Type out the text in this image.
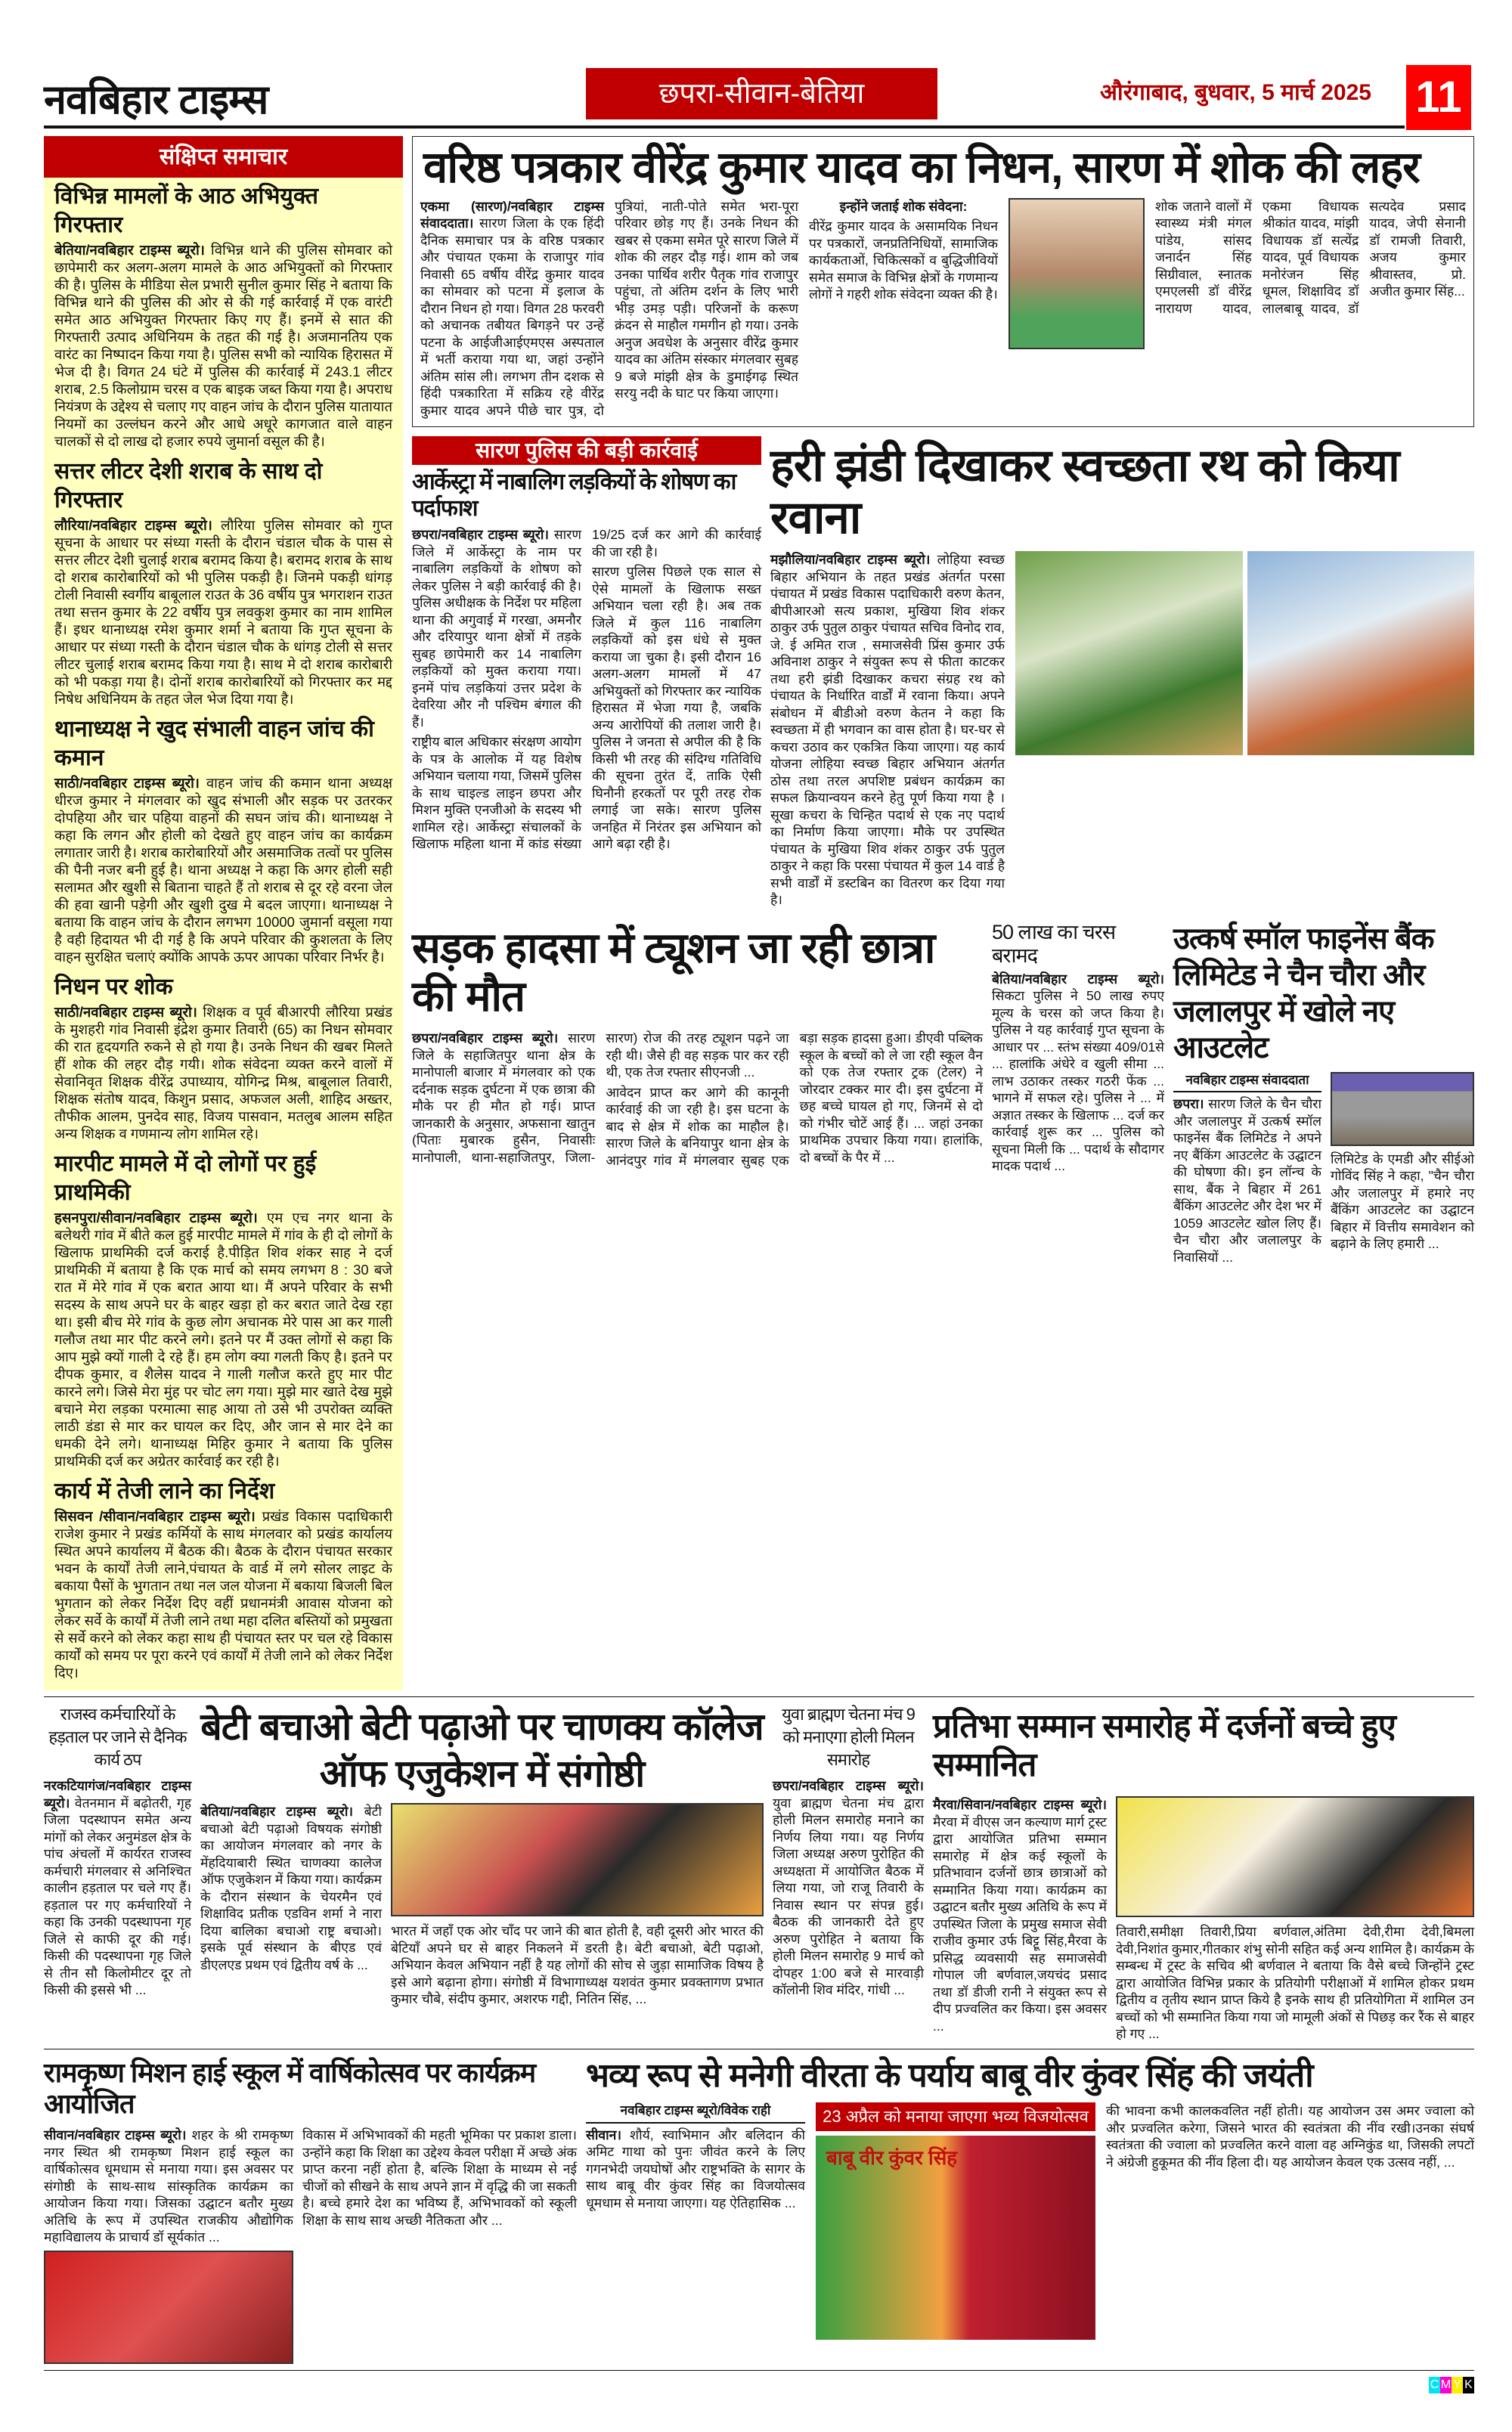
नवबिहार टाइम्स	छपरा-सीवान-बेतिया	औरंगाबाद, बुधवार, 5 मार्च 2025 11
संक्षिप्त समाचार
विभिन्न मामलों के आठ अभियुक्त गिरफ्तार

बेतिया/नवबिहार टाइम्स ब्यूरो। विभिन्न थाने की पुलिस सोमवार को छापेमारी कर अलग-अलग मामले के आठ अभियुक्तों को गिरफ्तार की है। पुलिस के मीडिया सेल प्रभारी सुनील कुमार सिंह ने बताया कि विभिन्न थाने की पुलिस की ओर से की गई कार्रवाई में एक वारंटी समेत आठ अभियुक्त गिरफ्तार किए गए हैं। इनमें से सात की गिरफ्तारी उत्पाद अधिनियम के तहत की गई है। अजमानतिय एक वारंट का निष्पादन किया गया है। पुलिस सभी को न्यायिक हिरासत में भेज दी है। विगत 24 घंटे में पुलिस की कार्रवाई में 243.1 लीटर शराब, 2.5 किलोग्राम चरस व एक बाइक जब्त किया गया है। अपराध नियंत्रण के उद्देश्य से चलाए गए वाहन जांच के दौरान पुलिस यातायात नियमों का उल्लंघन करने और आधे अधूरे कागजात वाले वाहन चालकों से दो लाख दो हजार रुपये जुमार्ना वसूल की है।

सत्तर लीटर देशी शराब के साथ दो गिरफ्तार

लौरिया/नवबिहार टाइम्स ब्यूरो। लौरिया पुलिस सोमवार को गुप्त सूचना के आधार पर संध्या गस्ती के दौरान चंडाल चौक के पास से सत्तर लीटर देशी चुलाई शराब बरामद किया है। बरामद शराब के साथ दो शराब कारोबारियों को भी पुलिस पकड़ी है। जिनमे पकड़ी धांगड़ टोली निवासी स्वर्गीय बाबूलाल राउत के 36 वर्षीय पुत्र भगराशन राउत तथा सत्तन कुमार के 22 वर्षीय पुत्र लवकुश कुमार का नाम शामिल हैं। इधर थानाध्यक्ष रमेश कुमार शर्मा ने बताया कि गुप्त सूचना के आधार पर संध्या गस्ती के दौरान चंडाल चौक के धांगड़ टोली से सत्तर लीटर चुलाई शराब बरामद किया गया है। साथ मे दो शराब कारोबारी को भी पकड़ा गया है। दोनों शराब कारोबारियों को गिरफ्तार कर मद्द निषेध अधिनियम के तहत जेल भेज दिया गया है।

थानाध्यक्ष ने खुद संभाली वाहन जांच की कमान

साठी/नवबिहार टाइम्स ब्यूरो। वाहन जांच की कमान थाना अध्यक्ष धीरज कुमार ने मंगलवार को खुद संभाली और सड़क पर उतरकर दोपहिया और चार पहिया वाहनों की सघन जांच की। थानाध्यक्ष ने कहा कि लगन और होली को देखते हुए वाहन जांच का कार्यक्रम लगातार जारी है। शराब कारोबारियों और असमाजिक तत्वों पर पुलिस की पैनी नजर बनी हुई है। थाना अध्यक्ष ने कहा कि अगर होली सही सलामत और खुशी से बिताना चाहते हैं तो शराब से दूर रहे वरना जेल की हवा खानी पड़ेगी और खुशी दुख मे बदल जाएगा। थानाध्यक्ष ने बताया कि वाहन जांच के दौरान लगभग 10000 जुमार्ना वसूला गया है वही हिदायत भी दी गई है कि अपने परिवार की कुशलता के लिए वाहन सुरक्षित चलाएं क्योंकि आपके ऊपर आपका परिवार निर्भर है।

निधन पर शोक

साठी/नवबिहार टाइम्स ब्यूरो। शिक्षक व पूर्व बीआरपी लौरिया प्रखंड के मुशहरी गांव निवासी इंद्रेश कुमार तिवारी (65) का निधन सोमवार की रात हृदयगति रुकने से हो गया है। उनके निधन की खबर मिलते हीं शोक की लहर दौड़ गयी। शोक संवेदना व्यक्त करने वालों में सेवानिवृत शिक्षक वीरेंद्र उपाध्याय, योगिन्द्र मिश्र, बाबूलाल तिवारी, शिक्षक संतोष यादव, किशुन प्रसाद, अफजल अली, शाहिद अख्तर, तौफीक आलम, पुनदेव साह, विजय पासवान, मतलुब आलम सहित अन्य शिक्षक व गणमान्य लोग शामिल रहे।

मारपीट मामले में दो लोगों पर हुई प्राथमिकी

हसनपुरा/सीवान/नवबिहार टाइम्स ब्यूरो। एम एच नगर थाना के बलेथरी गांव में बीते कल हुई मारपीट मामले में गांव के ही दो लोगों के खिलाफ प्राथमिकी दर्ज कराई है.पीड़ित शिव शंकर साह ने दर्ज प्राथमिकी में बताया है कि एक मार्च को समय लगभग 8 : 30 बजे रात में मेरे गांव में एक बरात आया था। मैं अपने परिवार के सभी सदस्य के साथ अपने घर के बाहर खड़ा हो कर बरात जाते देख रहा था। इसी बीच मेरे गांव के कुछ लोग अचानक मेरे पास आ कर गाली गलौज तथा मार पीट करने लगे। इतने पर मैं उक्त लोगों से कहा कि आप मुझे क्यों गाली दे रहे हैं। हम लोग क्या गलती किए है। इतने पर दीपक कुमार, व शैलेस यादव ने गाली गलौज करते हुए मार पीट कारने लगे। जिसे मेरा मुंह पर चोट लग गया। मुझे मार खाते देख मुझे बचाने मेरा लड़का परमात्मा साह आया तो उसे भी उपरोक्त व्यक्ति लाठी डंडा से मार कर घायल कर दिए, और जान से मार देने का धमकी देने लगे। थानाध्यक्ष मिहिर कुमार ने बताया कि पुलिस प्राथमिकी दर्ज कर अग्रेतर कार्रवाई कर रही है।

कार्य में तेजी लाने का निर्देश

सिसवन /सीवान/नवबिहार टाइम्स ब्यूरो। प्रखंड विकास पदाधिकारी राजेश कुमार ने प्रखंड कर्मियों के साथ मंगलवार को प्रखंड कार्यालय स्थित अपने कार्यालय में बैठक की। बैठक के दौरान पंचायत सरकार भवन के कार्यों तेजी लाने,पंचायत के वार्ड में लगे सोलर लाइट के बकाया पैसों के भुगतान तथा नल जल योजना में बकाया बिजली बिल भुगतान को लेकर निर्देश दिए वहीं प्रधानमंत्री आवास योजना को लेकर सर्वे के कार्यों में तेजी लाने तथा महा दलित बस्तियों को प्रमुखता से सर्वे करने को लेकर कहा साथ ही पंचायत स्तर पर चल रहे विकास कार्यों को समय पर पूरा करने एवं कार्यों में तेजी लाने को लेकर निर्देश दिए।

वरिष्ठ पत्रकार वीरेंद्र कुमार यादव का निधन, सारण में शोक की लहर

एकमा (सारण)/नवबिहार टाइम्स संवाददाता। सारण जिला के एक हिंदी दैनिक समाचार पत्र के वरिष्ठ पत्रकार और पंचायत एकमा के राजापुर गांव निवासी 65 वर्षीय वीरेंद्र कुमार यादव का सोमवार को पटना में इलाज के दौरान निधन हो गया। विगत 28 फरवरी को अचानक तबीयत बिगड़ने पर उन्हें पटना के आईजीआईएमएस अस्पताल में भर्ती कराया गया था, जहां उन्होंने अंतिम सांस ली। लगभग तीन दशक से हिंदी पत्रकारिता में सक्रिय रहे वीरेंद्र कुमार यादव अपने पीछे चार पुत्र, दो पुत्रियां, नाती-पोते समेत भरा-पूरा परिवार छोड़ गए हैं। उनके निधन की खबर से एकमा समेत पूरे सारण जिले में शोक की लहर दौड़ गई। शाम को जब उनका पार्थिव शरीर पैतृक गांव राजापुर पहुंचा, तो अंतिम दर्शन के लिए भारी भीड़ उमड़ पड़ी। परिजनों के करूण क्रंदन से माहौल गमगीन हो गया। उनके अनुज अवधेश के अनुसार वीरेंद्र कुमार यादव का अंतिम संस्कार मंगलवार सुबह 9 बजे मांझी क्षेत्र के डुमाईगढ़ स्थित सरयु नदी के घाट पर किया जाएगा।

इन्होंने जताई शोक संवेदना:

वीरेंद्र कुमार यादव के असामयिक निधन पर पत्रकारों, जनप्रतिनिधियों, सामाजिक कार्यकताओं, चिकित्सकों व बुद्धिजीवियों समेत समाज के विभिन्न क्षेत्रों के गणमान्य लोगों ने गहरी शोक संवेदना व्यक्त की है।

शोक जताने वालों में स्वास्थ्य मंत्री मंगल पांडेय, सांसद जनार्दन सिंह सिग्रीवाल, स्नातक एमएलसी डॉ वीरेंद्र नारायण यादव, एकमा विधायक श्रीकांत यादव, मांझी विधायक डॉ सत्येंद्र यादव, पूर्व विधायक मनोरंजन सिंह धूमल, शिक्षाविद डॉ लालबाबू यादव, डॉ सत्यदेव प्रसाद यादव, जेपी सेनानी डॉ रामजी तिवारी, अजय कुमार श्रीवास्तव, प्रो. अजीत कुमार सिंह...

सारण पुलिस की बड़ी कार्रवाई
आर्केस्ट्रा में नाबालिग लड़कियों के शोषण का पर्दाफाश

छपरा/नवबिहार टाइम्स ब्यूरो। सारण जिले में आर्केस्ट्रा के नाम पर नाबालिग लड़कियों के शोषण को लेकर पुलिस ने बड़ी कार्रवाई की है। पुलिस अधीक्षक के निर्देश पर महिला थाना की अगुवाई में गरखा, अमनौर और दरियापुर थाना क्षेत्रों में तड़के सुबह छापेमारी कर 14 नाबालिग लड़कियों को मुक्त कराया गया। इनमें पांच लड़कियां उत्तर प्रदेश के देवरिया और नौ पश्चिम बंगाल की हैं।

राष्ट्रीय बाल अधिकार संरक्षण आयोग के पत्र के आलोक में यह विशेष अभियान चलाया गया, जिसमें पुलिस के साथ चाइल्ड लाइन छपरा और मिशन मुक्ति एनजीओ के सदस्य भी शामिल रहे। आर्केस्ट्रा संचालकों के खिलाफ महिला थाना में कांड संख्या 19/25 दर्ज कर आगे की कार्रवाई की जा रही है।

सारण पुलिस पिछले एक साल से ऐसे मामलों के खिलाफ सख्त अभियान चला रही है। अब तक जिले में कुल 116 नाबालिग लड़कियों को इस धंधे से मुक्त कराया जा चुका है। इसी दौरान 16 अलग-अलग मामलों में 47 अभियुक्तों को गिरफ्तार कर न्यायिक हिरासत में भेजा गया है, जबकि अन्य आरोपियों की तलाश जारी है। पुलिस ने जनता से अपील की है कि किसी भी तरह की संदिग्ध गतिविधि की सूचना तुरंत दें, ताकि ऐसी घिनौनी हरकतों पर पूरी तरह रोक लगाई जा सके। सारण पुलिस जनहित में निरंतर इस अभियान को आगे बढ़ा रही है।

हरी झंडी दिखाकर स्वच्छता रथ को किया रवाना

मझौलिया/नवबिहार टाइम्स ब्यूरो। लोहिया स्वच्छ बिहार अभियान के तहत प्रखंड अंतर्गत परसा पंचायत में प्रखंड विकास पदाधिकारी वरुण केतन, बीपीआरओ सत्य प्रकाश, मुखिया शिव शंकर ठाकुर उर्फ पुतुल ठाकुर पंचायत सचिव विनोद राव, जे. ई अमित राज , समाजसेवी प्रिंस कुमार उर्फ अविनाश ठाकुर ने संयुक्त रूप से फीता काटकर तथा हरी झंडी दिखाकर कचरा संग्रह रथ को पंचायत के निर्धारित वार्डों में रवाना किया। अपने संबोधन में बीडीओ वरुण केतन ने कहा कि स्वच्छता में ही भगवान का वास होता है। घर-घर से कचरा उठाव कर एकत्रित किया जाएगा। यह कार्य योजना लोहिया स्वच्छ बिहार अभियान अंतर्गत ठोस तथा तरल अपशिष्ट प्रबंधन कार्यक्रम का सफल क्रियान्वयन करने हेतु पूर्ण किया गया है । सूखा कचरा के चिन्हित पदार्थ से एक नए पदार्थ का निर्माण किया जाएगा। मौके पर उपस्थित पंचायत के मुखिया शिव शंकर ठाकुर उर्फ पुतुल ठाकुर ने कहा कि परसा पंचायत में कुल 14 वार्ड है सभी वार्डों में डस्टबिन का वितरण कर दिया गया है।

सड़क हादसा में ट्यूशन जा रही छात्रा की मौत

छपरा/नवबिहार टाइम्स ब्यूरो। सारण जिले के सहाजितपुर थाना क्षेत्र के मानोपाली बाजार में मंगलवार को एक दर्दनाक सड़क दुर्घटना में एक छात्रा की मौके पर ही मौत हो गई। प्राप्त जानकारी के अनुसार, अफसाना खातुन (पिताः मुबारक हुसैन, निवासीः मानोपाली, थाना-सहाजितपुर, जिला-सारण) रोज की तरह ट्यूशन पढ़ने जा रही थी। जैसे ही वह सड़क पार कर रही थी, एक तेज रफ्तार सीएनजी ...

आवेदन प्राप्त कर आगे की कानूनी कार्रवाई की जा रही है। इस घटना के बाद से क्षेत्र में शोक का माहौल है। सारण जिले के बनियापुर थाना क्षेत्र के आनंदपुर गांव में मंगलवार सुबह एक बड़ा सड़क हादसा हुआ। डीएवी पब्लिक स्कूल के बच्चों को ले जा रही स्कूल वैन को एक तेज रफ्तार ट्रक (टेलर) ने जोरदार टक्कर मार दी। इस दुर्घटना में छह बच्चे घायल हो गए, जिनमें से दो को गंभीर चोटें आई हैं। ... जहां उनका प्राथमिक उपचार किया गया। हालांकि, दो बच्चों के पैर में ...

50 लाख का चरस बरामद

बेतिया/नवबिहार टाइम्स ब्यूरो। सिकटा पुलिस ने 50 लाख रुपए मूल्य के चरस को जप्त किया है। पुलिस ने यह कार्रवाई गुप्त सूचना के आधार पर ... स्तंभ संख्या 409/01से ... हालांकि अंधेरे व खुली सीमा ... लाभ उठाकर तस्कर गठरी फेंक ... भागने में सफल रहे। पुलिस ने ... में अज्ञात तस्कर के खिलाफ ... दर्ज कर कार्रवाई शुरू कर ... पुलिस को सूचना मिली कि ... पदार्थ के सौदागर मादक पदार्थ ...

उत्कर्ष स्मॉल फाइनेंस बैंक लिमिटेड ने चैन चौरा और जलालपुर में खोले नए आउटलेट
नवबिहार टाइम्स संवाददाता

छपरा। सारण जिले के चैन चौरा और जलालपुर में उत्कर्ष स्मॉल फाइनेंस बैंक लिमिटेड ने अपने नए बैंकिंग आउटलेट के उद्घाटन की घोषणा की। इन लॉन्च के साथ, बैंक ने बिहार में 261 बैंकिंग आउटलेट और देश भर में 1059 आउटलेट खोल लिए हैं। चैन चौरा और जलालपुर के निवासियों ...

लिमिटेड के एमडी और सीईओ गोविंद सिंह ने कहा, "चैन चौरा और जलालपुर में हमारे नए बैंकिंग आउटलेट का उद्घाटन बिहार में वित्तीय समावेशन को बढ़ाने के लिए हमारी ...

राजस्व कर्मचारियों के हड़ताल पर जाने से दैनिक कार्य ठप

नरकटियागंज/नवबिहार टाइम्स ब्यूरो। वेतनमान में बढ़ोतरी, गृह जिला पदस्थापन समेत अन्य मांगों को लेकर अनुमंडल क्षेत्र के पांच अंचलों में कार्यरत राजस्व कर्मचारी मंगलवार से अनिश्चित कालीन हड़ताल पर चले गए हैं। हड़ताल पर गए कर्मचारियों ने कहा कि उनकी पदस्थापना गृह जिले से काफी दूर की गई। किसी की पदस्थापना गृह जिले से तीन सौ किलोमीटर दूर तो किसी की इससे भी ...

बेटी बचाओ बेटी पढ़ाओ पर चाणक्य कॉलेज ऑफ एजुकेशन में संगोष्ठी

बेतिया/नवबिहार टाइम्स ब्यूरो। बेटी बचाओ बेटी पढ़ाओ विषयक संगोष्ठी का आयोजन मंगलवार को नगर के मेंहदियाबारी स्थित चाणक्या कालेज ऑफ एजुकेशन में किया गया। कार्यक्रम के दौरान संस्थान के चेयरमैन एवं शिक्षाविद प्रतीक एडविन शर्मा ने नारा दिया बालिका बचाओ राष्ट्र बचाओ। इसके पूर्व संस्थान के बीएड एवं डीएलएड प्रथम एवं द्वितीय वर्ष के ...

भारत में जहाँ एक ओर चाँद पर जाने की बात होती है, वही दूसरी ओर भारत की बेटियाँ अपने घर से बाहर निकलने में डरती है। बेटी बचाओ, बेटी पढ़ाओ, अभियान केवल अभियान नहीं है यह लोगों की सोच से जुड़ा सामाजिक विषय है इसे आगे बढ़ाना होगा। संगोष्ठी में विभागाध्यक्ष यशवंत कुमार प्रवक्तागण प्रभात कुमार चौबे, संदीप कुमार, अशरफ गद्दी, नितिन सिंह, ...

युवा ब्राह्मण चेतना मंच 9 को मनाएगा होली मिलन समारोह

छपरा/नवबिहार टाइम्स ब्यूरो। युवा ब्राह्मण चेतना मंच द्वारा होली मिलन समारोह मनाने का निर्णय लिया गया। यह निर्णय जिला अध्यक्ष अरुण पुरोहित की अध्यक्षता में आयोजित बैठक में लिया गया, जो राजू तिवारी के निवास स्थान पर संपन्न हुई। बैठक की जानकारी देते हुए अरुण पुरोहित ने बताया कि होली मिलन समारोह 9 मार्च को दोपहर 1:00 बजे से मारवाड़ी कॉलोनी शिव मंदिर, गांधी ...

प्रतिभा सम्मान समारोह में दर्जनों बच्चे हुए सम्मानित

मैरवा/सिवान/नवबिहार टाइम्स ब्यूरो। मैरवा में वीएस जन कल्याण मार्ग ट्रस्ट द्वारा आयोजित प्रतिभा सम्मान समारोह में क्षेत्र कई स्कूलों के प्रतिभावान दर्जनों छात्र छात्राओं को सम्मानित किया गया। कार्यक्रम का उद्घाटन बतौर मुख्य अतिथि के रूप में उपस्थित जिला के प्रमुख समाज सेवी राजीव कुमार उर्फ बिट्टू सिंह,मैरवा के प्रसिद्ध व्यवसायी सह समाजसेवी गोपाल जी बर्णवाल,जयचंद प्रसाद तथा डॉ डीजी रानी ने संयुक्त रूप से दीप प्रज्वलित कर किया। इस अवसर ...

तिवारी,समीक्षा तिवारी,प्रिया बर्णवाल,अंतिमा देवी,रीमा देवी,बिमला देवी,निशांत कुमार,गीतकार शंभु सोनी सहित कई अन्य शामिल है। कार्यक्रम के सम्बन्ध में ट्रस्ट के सचिव श्री बर्णवाल ने बताया कि वैसे बच्चे जिन्होंने ट्रस्ट द्वारा आयोजित विभिन्न प्रकार के प्रतियोगी परीक्षाओं में शामिल होकर प्रथम द्वितीय व तृतीय स्थान प्राप्त किये है इनके साथ ही प्रतियोगिता में शामिल उन बच्चों को भी सम्मानित किया गया जो मामूली अंकों से पिछड़ कर रैंक से बाहर हो गए ...

रामकृष्ण मिशन हाई स्कूल में वार्षिकोत्सव पर कार्यक्रम आयोजित

सीवान/नवबिहार टाइम्स ब्यूरो। शहर के श्री रामकृष्ण नगर स्थित श्री रामकृष्ण मिशन हाई स्कूल का वार्षिकोत्सव धूमधाम से मनाया गया। इस अवसर पर संगोष्ठी के साथ-साथ सांस्कृतिक कार्यक्रम का आयोजन किया गया। जिसका उद्घाटन बतौर मुख्य अतिथि के रूप में उपस्थित राजकीय औद्योगिक महाविद्यालय के प्राचार्य डॉ सूर्यकांत ...

विकास में अभिभावकों की महती भूमिका पर प्रकाश डाला। उन्होंने कहा कि शिक्षा का उद्देश्य केवल परीक्षा में अच्छे अंक प्राप्त करना नहीं होता है, बल्कि शिक्षा के माध्यम से नई चीजों को सीखने के साथ अपने ज्ञान में वृद्धि की जा सकती है। बच्चे हमारे देश का भविष्य हैं, अभिभावकों को स्कूली शिक्षा के साथ साथ अच्छी नैतिकता और ...

भव्य रूप से मनेगी वीरता के पर्याय बाबू वीर कुंवर सिंह की जयंती
नवबिहार टाइम्स ब्यूरो/विवेक राही

सीवान। शौर्य, स्वाभिमान और बलिदान की अमिट गाथा को पुनः जीवंत करने के लिए गगनभेदी जयघोषों और राष्ट्रभक्ति के सागर के साथ बाबू वीर कुंवर सिंह का विजयोत्सव धूमधाम से मनाया जाएगा। यह ऐतिहासिक ...

23 अप्रैल को मनाया जाएगा भव्य विजयोत्सव
बाबू वीर कुंवर सिंह

की भावना कभी कालकवलित नहीं होती। यह आयोजन उस अमर ज्वाला को और प्रज्वलित करेगा, जिसने भारत की स्वतंत्रता की नींव रखी।उनका संघर्ष स्वतंत्रता की ज्वाला को प्रज्वलित करने वाला वह अग्निकुंड था, जिसकी लपटों ने अंग्रेजी हुकूमत की नींव हिला दी। यह आयोजन केवल एक उत्सव नहीं, ...

C M Y K
